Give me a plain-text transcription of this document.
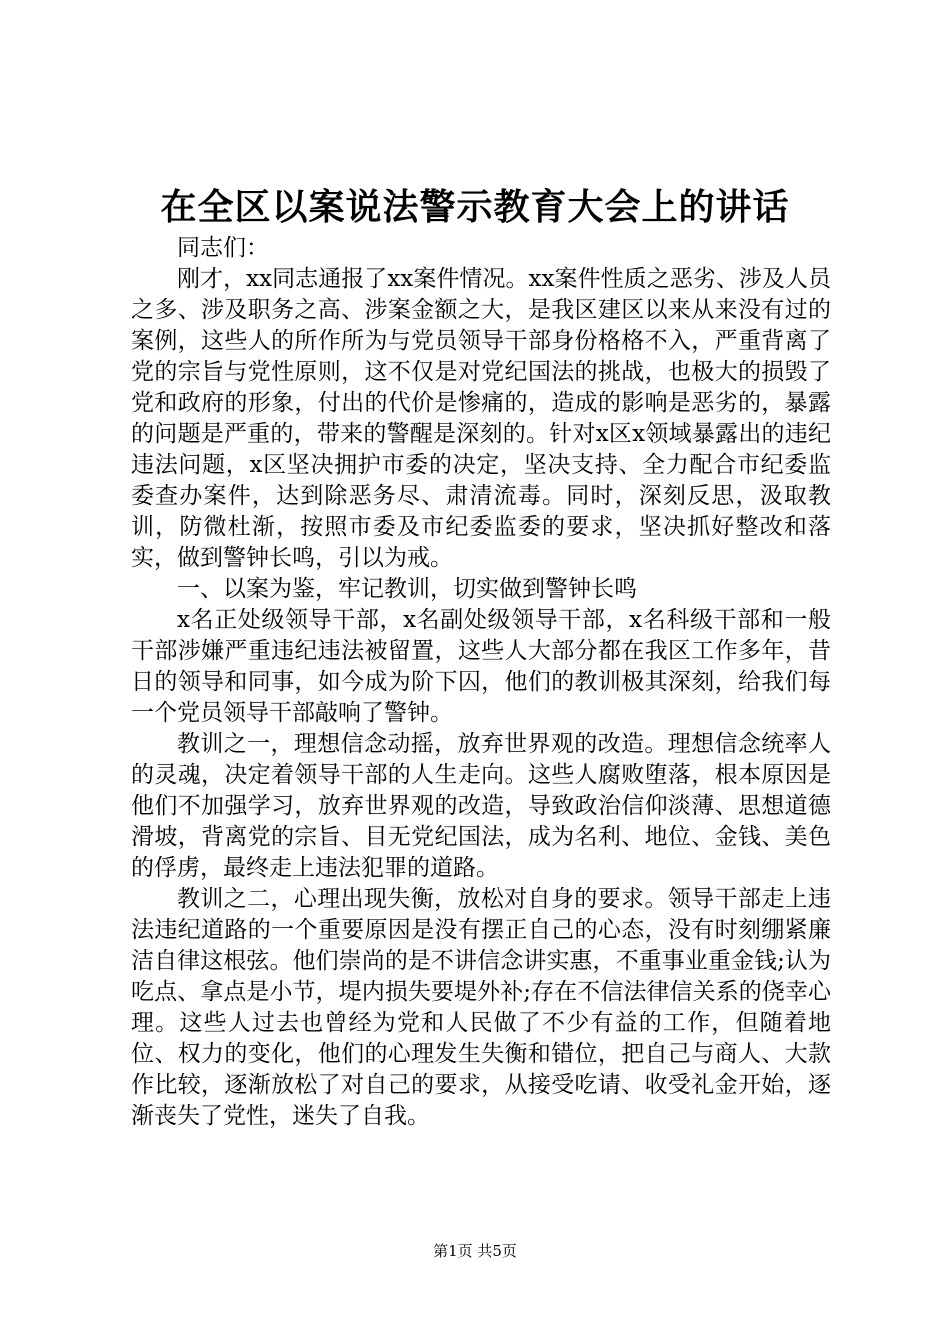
在全区以案说法警示教育大会上的讲话

同志们：

刚才，xx同志通报了xx案件情况。xx案件性质之恶劣、涉及人员之多、涉及职务之高、涉案金额之大，是我区建区以来从来没有过的案例，这些人的所作所为与党员领导干部身份格格不入，严重背离了党的宗旨与党性原则，这不仅是对党纪国法的挑战，也极大的损毁了党和政府的形象，付出的代价是惨痛的，造成的影响是恶劣的，暴露的问题是严重的，带来的警醒是深刻的。针对x区x领域暴露出的违纪违法问题，x区坚决拥护市委的决定，坚决支持、全力配合市纪委监委查办案件，达到除恶务尽、肃清流毒。同时，深刻反思，汲取教训，防微杜渐，按照市委及市纪委监委的要求，坚决抓好整改和落实，做到警钟长鸣，引以为戒。

一、以案为鉴，牢记教训，切实做到警钟长鸣

x名正处级领导干部，x名副处级领导干部，x名科级干部和一般干部涉嫌严重违纪违法被留置，这些人大部分都在我区工作多年，昔日的领导和同事，如今成为阶下囚，他们的教训极其深刻，给我们每一个党员领导干部敲响了警钟。

教训之一，理想信念动摇，放弃世界观的改造。理想信念统率人的灵魂，决定着领导干部的人生走向。这些人腐败堕落，根本原因是他们不加强学习，放弃世界观的改造，导致政治信仰淡薄、思想道德滑坡，背离党的宗旨、目无党纪国法，成为名利、地位、金钱、美色的俘虏，最终走上违法犯罪的道路。

教训之二，心理出现失衡，放松对自身的要求。领导干部走上违法违纪道路的一个重要原因是没有摆正自己的心态，没有时刻绷紧廉洁自律这根弦。他们崇尚的是不讲信念讲实惠，不重事业重金钱;认为吃点、拿点是小节，堤内损失要堤外补;存在不信法律信关系的侥幸心理。这些人过去也曾经为党和人民做了不少有益的工作，但随着地位、权力的变化，他们的心理发生失衡和错位，把自己与商人、大款作比较，逐渐放松了对自己的要求，从接受吃请、收受礼金开始，逐渐丧失了党性，迷失了自我。

第1页 共5页
